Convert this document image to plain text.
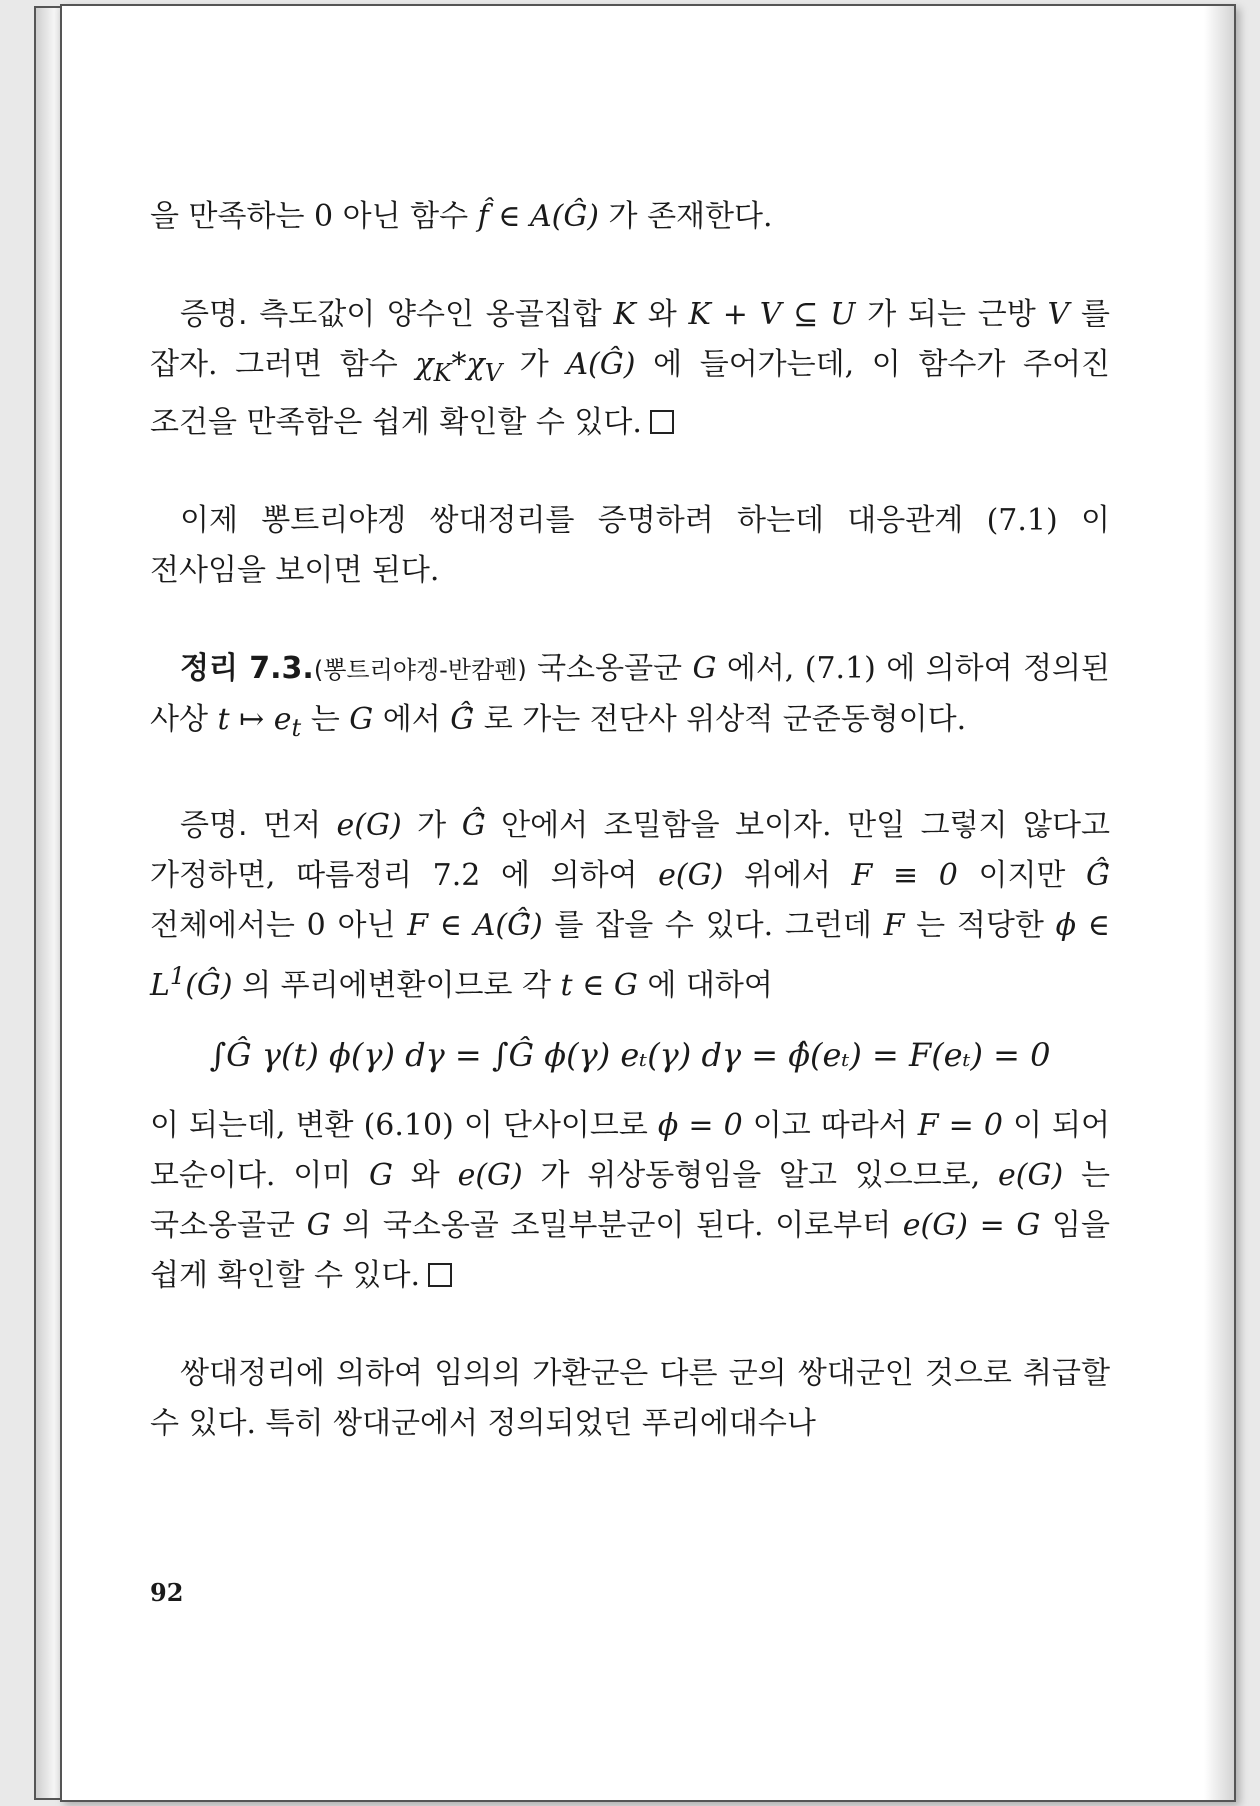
을 만족하는 0 아닌 함수 f̂ ∈ A(Ĝ) 가 존재한다.

증명. 측도값이 양수인 옹골집합 K 와 K + V ⊆ U 가 되는 근방 V 를 잡자. 그러면 함수 $\chi_K*\chi_V$ 가 A(Ĝ) 에 들어가는데, 이 함수가 주어진 조건을 만족함은 쉽게 확인할 수 있다.

이제 뽕트리야겡 쌍대정리를 증명하려 하는데 대응관계 (7.1) 이 전사임을 보이면 된다.

정리 7.3.(뽕트리야겡-반캄펜) 국소옹골군 G 에서, (7.1) 에 의하여 정의된 사상 t ↦ $e_t$ 는 G 에서 Ĝ̂ 로 가는 전단사 위상적 군준동형이다.

증명. 먼저 e(G) 가 Ĝ̂ 안에서 조밀함을 보이자. 만일 그렇지 않다고 가정하면, 따름정리 7.2 에 의하여 e(G) 위에서 F ≡ 0 이지만 Ĝ̂ 전체에서는 0 아닌 F ∈ A(Ĝ̂) 를 잡을 수 있다. 그런데 F 는 적당한 ϕ ∈ $L^1(Ĝ)$ 의 푸리에변환이므로 각 t ∈ G 에 대하여

∫Ĝ γ(t) ϕ(γ) dγ = ∫Ĝ ϕ(γ) eₜ(γ) dγ = ϕ̂(eₜ) = F(eₜ) = 0

이 되는데, 변환 (6.10) 이 단사이므로 ϕ = 0 이고 따라서 F = 0 이 되어 모순이다. 이미 G 와 e(G) 가 위상동형임을 알고 있으므로, e(G) 는 국소옹골군 G 의 국소옹골 조밀부분군이 된다. 이로부터 e(G) = G 임을 쉽게 확인할 수 있다.

쌍대정리에 의하여 임의의 가환군은 다른 군의 쌍대군인 것으로 취급할 수 있다. 특히 쌍대군에서 정의되었던 푸리에대수나

92
